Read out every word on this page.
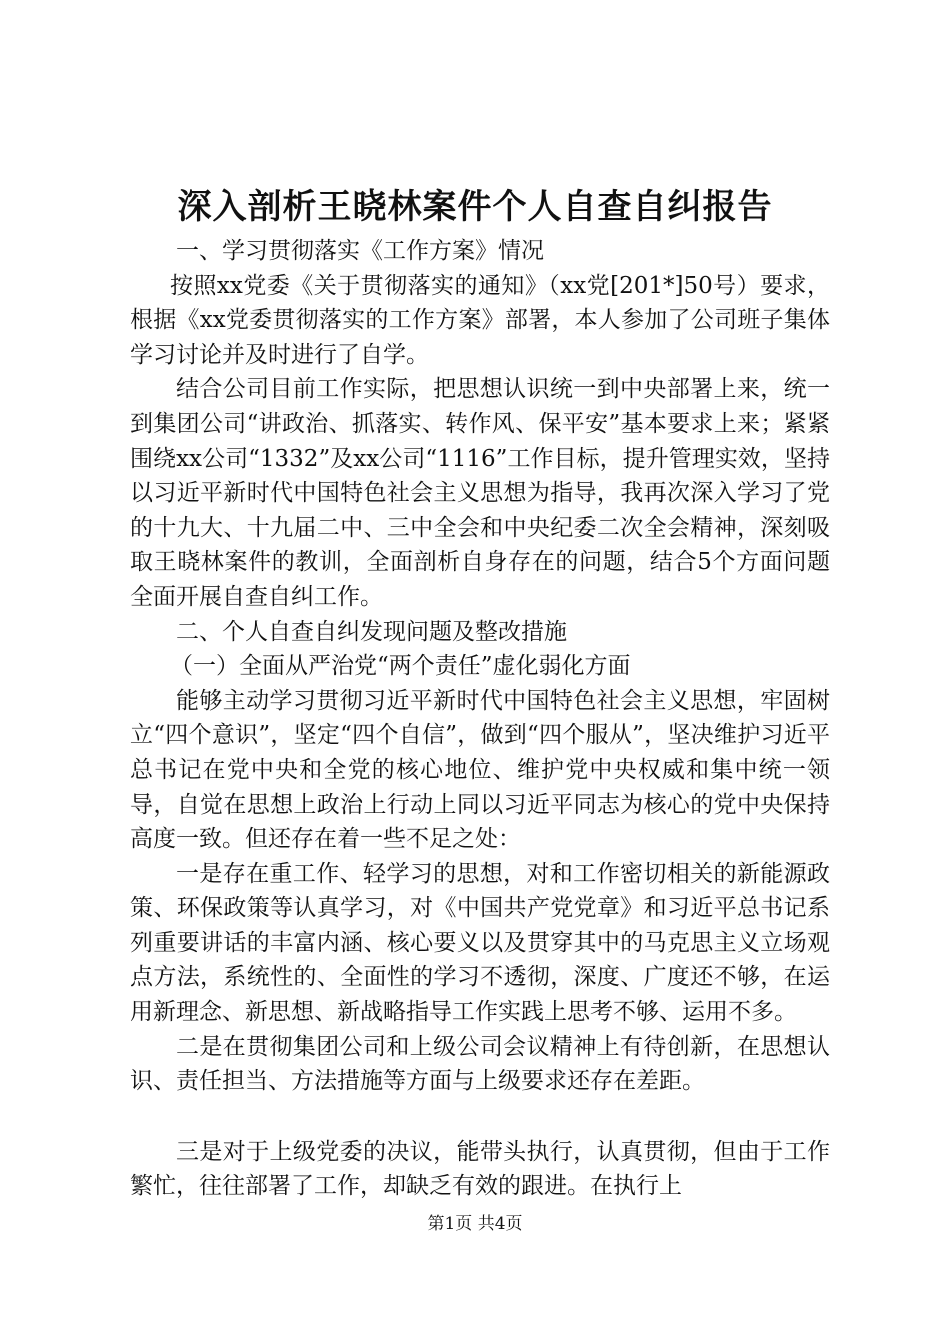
深入剖析王晓林案件个人自查自纠报告

一、学习贯彻落实《工作方案》情况

按照xx党委《关于贯彻落实的通知》（xx党[201*]50号）要求，根据《xx党委贯彻落实的工作方案》部署，本人参加了公司班子集体学习讨论并及时进行了自学。

结合公司目前工作实际，把思想认识统一到中央部署上来，统一到集团公司“讲政治、抓落实、转作风、保平安”基本要求上来；紧紧围绕xx公司“1332”及xx公司“1116”工作目标，提升管理实效，坚持以习近平新时代中国特色社会主义思想为指导，我再次深入学习了党的十九大、十九届二中、三中全会和中央纪委二次全会精神，深刻吸取王晓林案件的教训，全面剖析自身存在的问题，结合5个方面问题全面开展自查自纠工作。

二、个人自查自纠发现问题及整改措施

（一）全面从严治党“两个责任”虚化弱化方面

能够主动学习贯彻习近平新时代中国特色社会主义思想，牢固树立“四个意识”，坚定“四个自信”，做到“四个服从”，坚决维护习近平总书记在党中央和全党的核心地位、维护党中央权威和集中统一领导，自觉在思想上政治上行动上同以习近平同志为核心的党中央保持高度一致。但还存在着一些不足之处：

一是存在重工作、轻学习的思想，对和工作密切相关的新能源政策、环保政策等认真学习，对《中国共产党党章》和习近平总书记系列重要讲话的丰富内涵、核心要义以及贯穿其中的马克思主义立场观点方法，系统性的、全面性的学习不透彻，深度、广度还不够，在运用新理念、新思想、新战略指导工作实践上思考不够、运用不多。

二是在贯彻集团公司和上级公司会议精神上有待创新，在思想认识、责任担当、方法措施等方面与上级要求还存在差距。

三是对于上级党委的决议，能带头执行，认真贯彻，但由于工作繁忙，往往部署了工作，却缺乏有效的跟进。在执行上

第1页 共4页
